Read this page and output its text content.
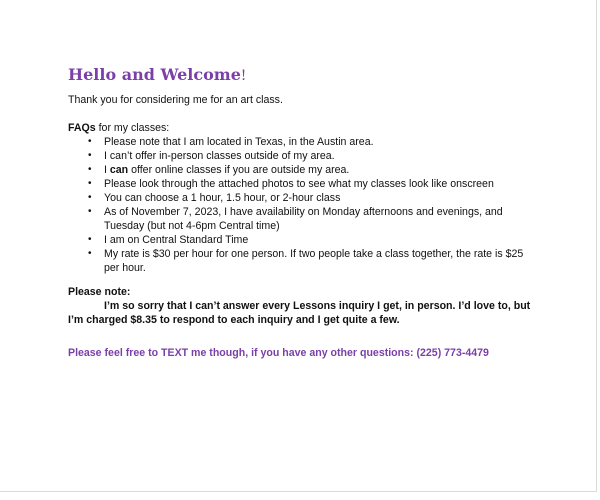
Hello and Welcome!

Thank you for considering me for an art class.

FAQs for my classes:

• Please note that I am located in Texas, in the Austin area.
• I can’t offer in-person classes outside of my area.
• I can offer online classes if you are outside my area.
• Please look through the attached photos to see what my classes look like onscreen
• You can choose a 1 hour, 1.5 hour, or 2-hour class
• As of November 7, 2023, I have availability on Monday afternoons and evenings, and Tuesday (but not 4-6pm Central time)
• I am on Central Standard Time
• My rate is $30 per hour for one person. If two people take a class together, the rate is $25 per hour.

Please note:

I’m so sorry that I can’t answer every Lessons inquiry I get, in person. I’d love to, but I’m charged $8.35 to respond to each inquiry and I get quite a few.

Please feel free to TEXT me though, if you have any other questions: (225) 773-4479
